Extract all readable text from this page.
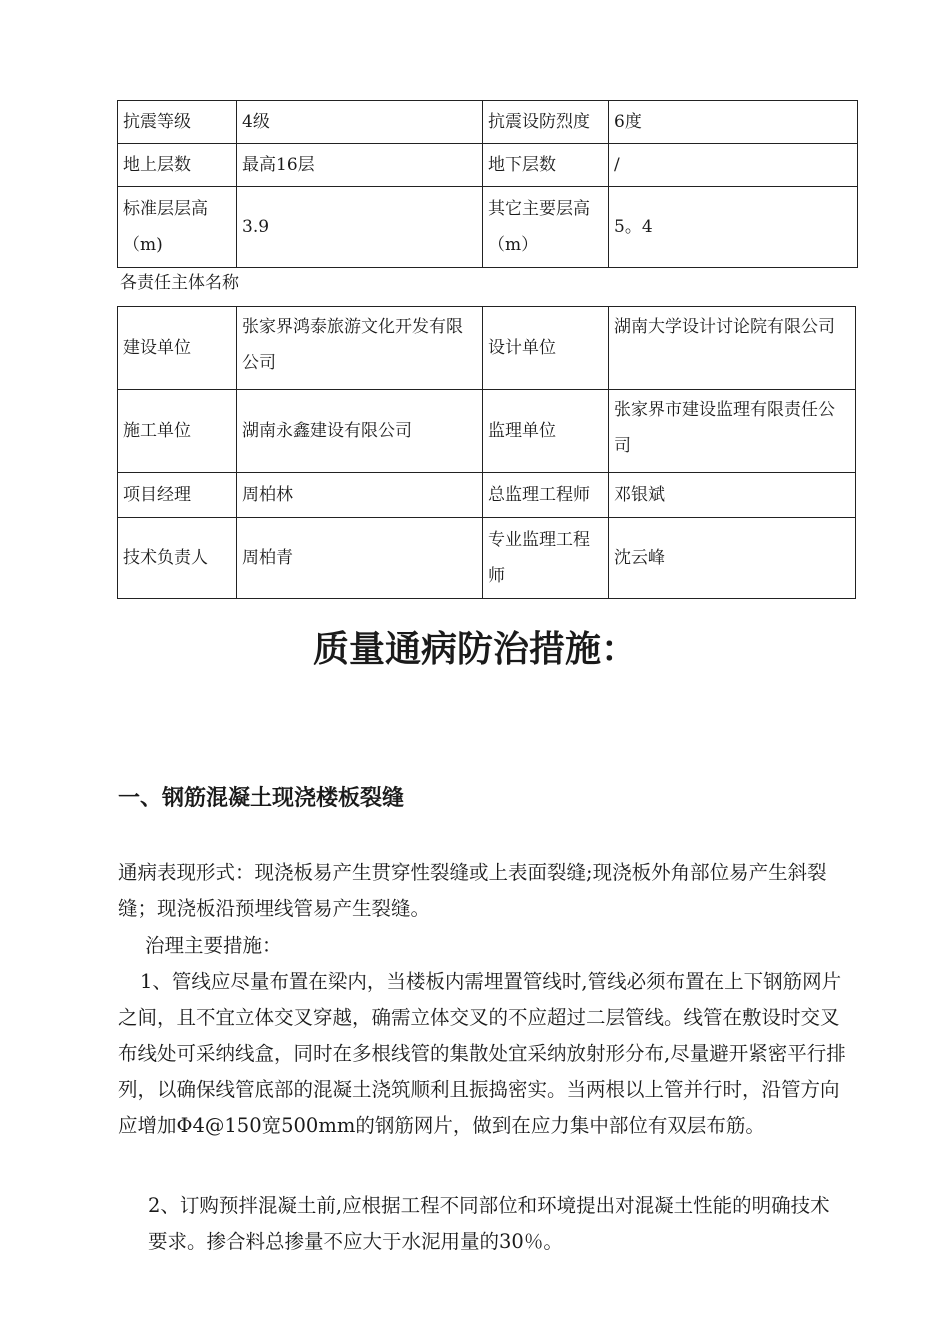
抗震等级	4级	抗震设防烈度	6度
地上层数	最高16层	地下层数	/
标准层层高（m)	3.9	其它主要层高（m）	5。4
各责任主体名称
建设单位	张家界鸿泰旅游文化开发有限公司	设计单位	湖南大学设计讨论院有限公司
施工单位	湖南永鑫建设有限公司	监理单位	张家界市建设监理有限责任公司
项目经理	周柏林	总监理工程师	邓银斌
技术负责人	周柏青	专业监理工程师	沈云峰
质量通病防治措施：
一、钢筋混凝土现浇楼板裂缝

通病表现形式：现浇板易产生贯穿性裂缝或上表面裂缝;现浇板外角部位易产生斜裂缝；现浇板沿预埋线管易产生裂缝。

治理主要措施：

1、管线应尽量布置在梁内，当楼板内需埋置管线时,管线必须布置在上下钢筋网片之间，且不宜立体交叉穿越，确需立体交叉的不应超过二层管线。线管在敷设时交叉布线处可采纳线盒，同时在多根线管的集散处宜采纳放射形分布,尽量避开紧密平行排列，以确保线管底部的混凝土浇筑顺利且振捣密实。当两根以上管并行时，沿管方向应增加Φ4@150宽500mm的钢筋网片，做到在应力集中部位有双层布筋。

2、订购预拌混凝土前,应根据工程不同部位和环境提出对混凝土性能的明确技术要求。掺合料总掺量不应大于水泥用量的30％。
